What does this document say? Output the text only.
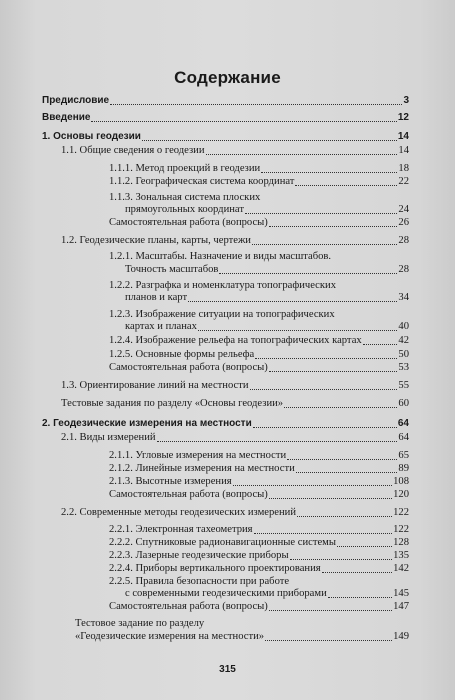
Содержание
Предисловие	3
Введение	12
1. Основы геодезии	14
1.1. Общие сведения о геодезии	14
1.1.1. Метод проекций в геодезии	18
1.1.2. Географическая система координат	22
1.1.3. Зональная система плоских
прямоугольных координат	24
Самостоятельная работа (вопросы)	26
1.2. Геодезические планы, карты, чертежи	28
1.2.1. Масштабы. Назначение и виды масштабов.
Точность масштабов	28
1.2.2. Разграфка и номенклатура топографических
планов и карт	34
1.2.3. Изображение ситуации на топографических
картах и планах	40
1.2.4. Изображение рельефа на топографических картах	42
1.2.5. Основные формы рельефа	50
Самостоятельная работа (вопросы)	53
1.3. Ориентирование линий на местности	55
Тестовые задания по разделу «Основы геодезии»	60
2. Геодезические измерения на местности	64
2.1. Виды измерений	64
2.1.1. Угловые измерения на местности	65
2.1.2. Линейные измерения на местности	89
2.1.3. Высотные измерения	108
Самостоятельная работа (вопросы)	120
2.2. Современные методы геодезических измерений	122
2.2.1. Электронная тахеометрия	122
2.2.2. Спутниковые радионавигационные системы	128
2.2.3. Лазерные геодезические приборы	135
2.2.4. Приборы вертикального проектирования	142
2.2.5. Правила безопасности при работе
с современными геодезическими приборами	145
Самостоятельная работа (вопросы)	147
Тестовое задание по разделу
«Геодезические измерения на местности»	149
315
